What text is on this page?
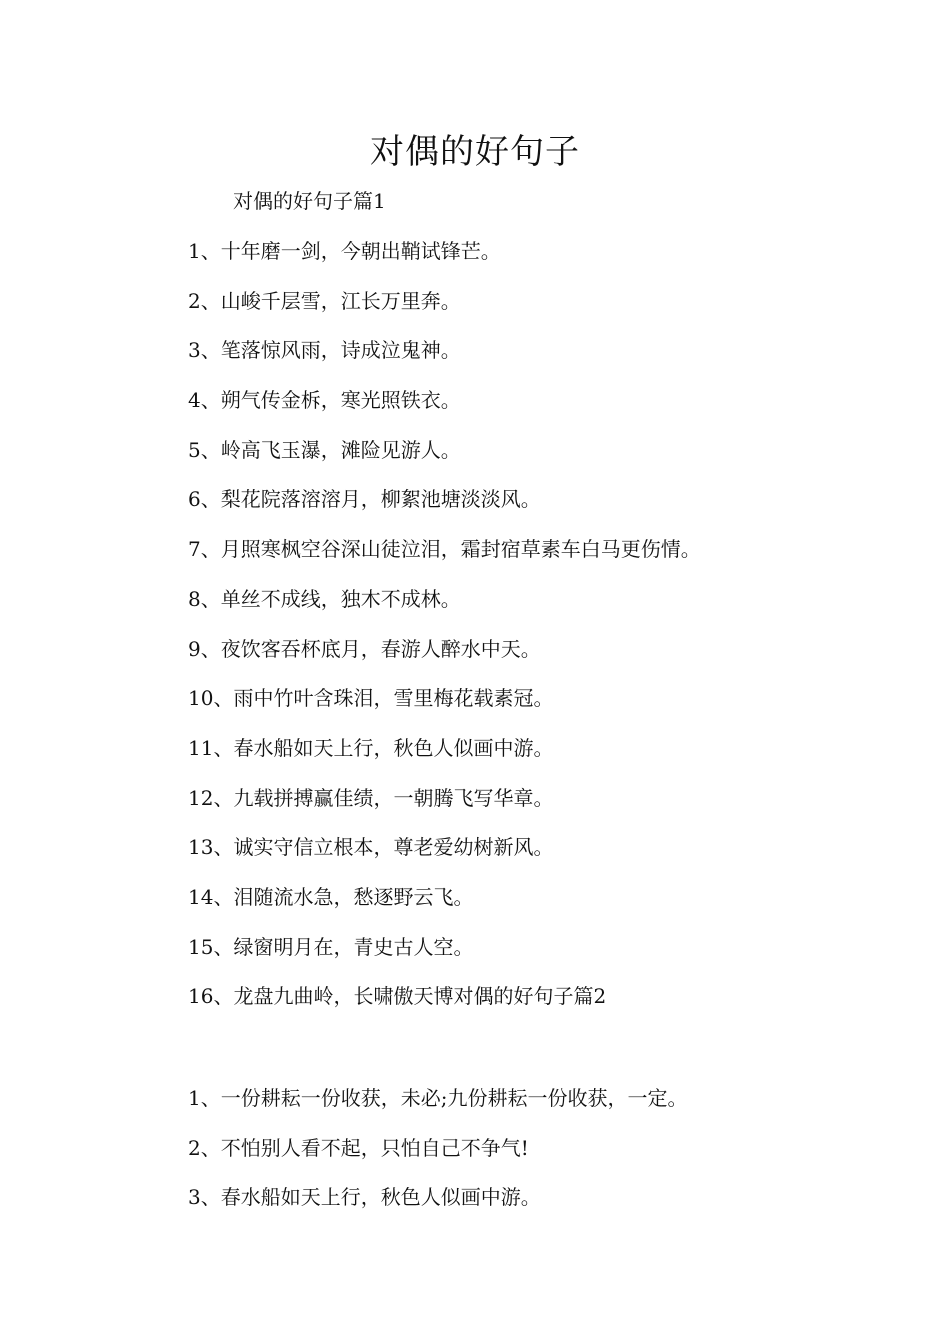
对偶的好句子
对偶的好句子篇1
1、十年磨一剑，今朝出鞘试锋芒。
2、山峻千层雪，江长万里奔。
3、笔落惊风雨，诗成泣鬼神。
4、朔气传金柝，寒光照铁衣。
5、岭高飞玉瀑，滩险见游人。
6、梨花院落溶溶月，柳絮池塘淡淡风。
7、月照寒枫空谷深山徒泣泪，霜封宿草素车白马更伤情。
8、单丝不成线，独木不成林。
9、夜饮客吞杯底月，春游人醉水中天。
10、雨中竹叶含珠泪，雪里梅花载素冠。
11、春水船如天上行，秋色人似画中游。
12、九载拼搏赢佳绩，一朝腾飞写华章。
13、诚实守信立根本，尊老爱幼树新风。
14、泪随流水急，愁逐野云飞。
15、绿窗明月在，青史古人空。
16、龙盘九曲岭，长啸傲天博对偶的好句子篇2
1、一份耕耘一份收获，未必;九份耕耘一份收获，一定。
2、不怕别人看不起，只怕自己不争气!
3、春水船如天上行，秋色人似画中游。
